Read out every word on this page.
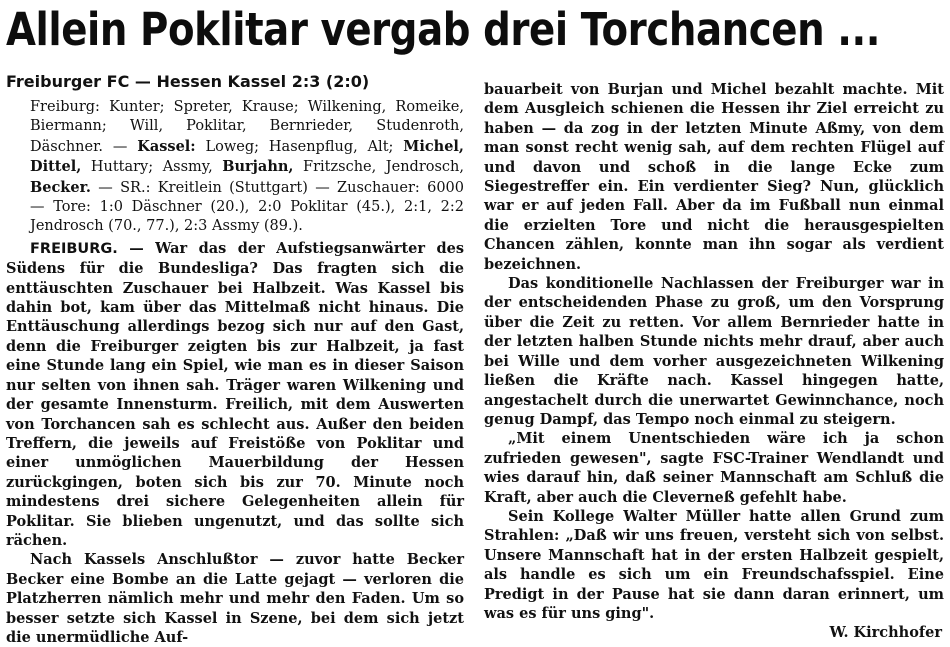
Allein Poklitar vergab drei Torchancen ...
Freiburger FC — Hessen Kassel 2:3 (2:0)
Freiburg: Kunter; Spreter, Krause; Wilkening, Romeike, Biermann; Will, Poklitar, Bernrieder, Studenroth, Däschner. — Kassel: Loweg; Hasenpflug, Alt; Michel, Dittel, Huttary; Assmy, Burjahn, Fritzsche, Jendrosch, Becker. — SR.: Kreitlein (Stuttgart) — Zuschauer: 6000 — Tore: 1:0 Däschner (20.), 2:0 Poklitar (45.), 2:1, 2:2 Jendrosch (70., 77.), 2:3 Assmy (89.).

FREIBURG. — War das der Aufstiegsanwärter des Südens für die Bundesliga? Das fragten sich die enttäuschten Zuschauer bei Halbzeit. Was Kassel bis dahin bot, kam über das Mittelmaß nicht hinaus. Die Enttäuschung allerdings bezog sich nur auf den Gast, denn die Freiburger zeigten bis zur Halbzeit, ja fast eine Stunde lang ein Spiel, wie man es in dieser Saison nur selten von ihnen sah. Träger waren Wilkening und der gesamte Innensturm. Freilich, mit dem Auswerten von Torchancen sah es schlecht aus. Außer den beiden Treffern, die jeweils auf Freistöße von Poklitar und einer unmöglichen Mauerbildung der Hessen zurückgingen, boten sich bis zur 70. Minute noch mindestens drei sichere Gelegenheiten allein für Poklitar. Sie blieben ungenutzt, und das sollte sich rächen.

Nach Kassels Anschlußtor — zuvor hatte Becker Becker eine Bombe an die Latte gejagt — verloren die Platzherren nämlich mehr und mehr den Faden. Um so besser setzte sich Kassel in Szene, bei dem sich jetzt die unermüdliche Auf-

bauarbeit von Burjan und Michel bezahlt machte. Mit dem Ausgleich schienen die Hessen ihr Ziel erreicht zu haben — da zog in der letzten Minute Aßmy, von dem man sonst recht wenig sah, auf dem rechten Flügel auf und davon und schoß in die lange Ecke zum Siegestreffer ein. Ein verdienter Sieg? Nun, glücklich war er auf jeden Fall. Aber da im Fußball nun einmal die erzielten Tore und nicht die herausgespielten Chancen zählen, konnte man ihn sogar als verdient bezeichnen.

Das konditionelle Nachlassen der Freiburger war in der entscheidenden Phase zu groß, um den Vorsprung über die Zeit zu retten. Vor allem Bernrieder hatte in der letzten halben Stunde nichts mehr drauf, aber auch bei Wille und dem vorher ausgezeichneten Wilkening ließen die Kräfte nach. Kassel hingegen hatte, angestachelt durch die unerwartet Gewinnchance, noch genug Dampf, das Tempo noch einmal zu steigern.

„Mit einem Unentschieden wäre ich ja schon zufrieden gewesen", sagte FSC-Trainer Wendlandt und wies darauf hin, daß seiner Mannschaft am Schluß die Kraft, aber auch die Cleverneß gefehlt habe.

Sein Kollege Walter Müller hatte allen Grund zum Strahlen: „Daß wir uns freuen, versteht sich von selbst. Unsere Mannschaft hat in der ersten Halbzeit gespielt, als handle es sich um ein Freundschafsspiel. Eine Predigt in der Pause hat sie dann daran erinnert, um was es für uns ging".

W. Kirchhofer
